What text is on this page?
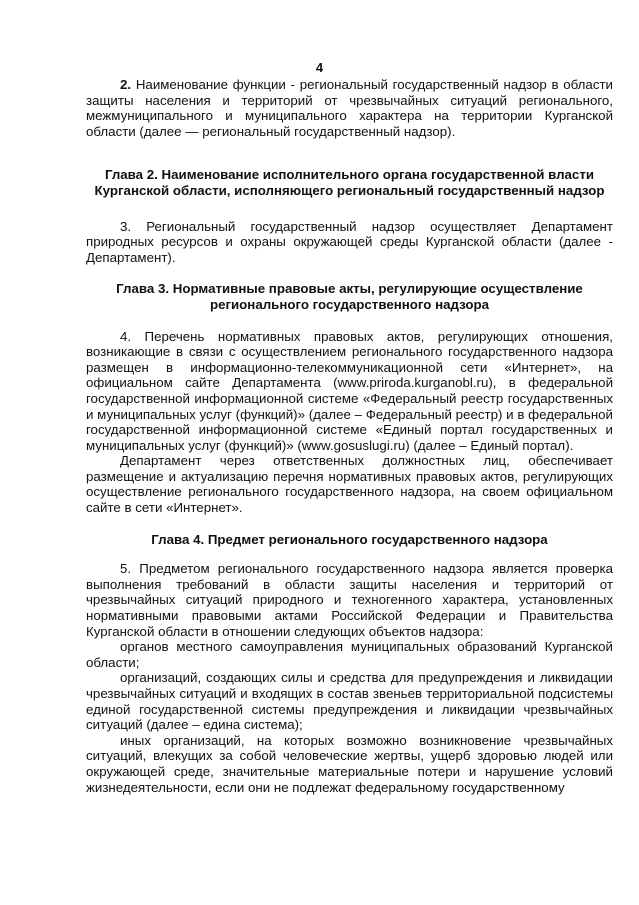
4

2. Наименование функции - региональный государственный надзор в области защиты населения и территорий от чрезвычайных ситуаций регионального, межмуниципального и муниципального характера на территории Курганской области (далее — региональный государственный надзор).

Глава 2. Наименование исполнительного органа государственной власти Курганской области, исполняющего региональный государственный надзор

3. Региональный государственный надзор осуществляет Департамент природных ресурсов и охраны окружающей среды Курганской области (далее - Департамент).

Глава 3. Нормативные правовые акты, регулирующие осуществление регионального государственного надзора

4. Перечень нормативных правовых актов, регулирующих отношения, возникающие в связи с осуществлением регионального государственного надзора размещен в информационно-телекоммуникационной сети «Интернет», на официальном сайте Департамента (www.priroda.kurganobl.ru), в федеральной государственной информационной системе «Федеральный реестр государственных и муниципальных услуг (функций)» (далее – Федеральный реестр) и в федеральной государственной информационной системе «Единый портал государственных и муниципальных услуг (функций)» (www.gosuslugi.ru) (далее – Единый портал).

Департамент через ответственных должностных лиц, обеспечивает размещение и актуализацию перечня нормативных правовых актов, регулирующих осуществление регионального государственного надзора, на своем официальном сайте в сети «Интернет».

Глава 4. Предмет регионального государственного надзора

5. Предметом регионального государственного надзора является проверка выполнения требований в области защиты населения и территорий от чрезвычайных ситуаций природного и техногенного характера, установленных нормативными правовыми актами Российской Федерации и Правительства Курганской области в отношении следующих объектов надзора:

органов местного самоуправления муниципальных образований Курганской области;

организаций, создающих силы и средства для предупреждения и ликвидации чрезвычайных ситуаций и входящих в состав звеньев территориальной подсистемы единой государственной системы предупреждения и ликвидации чрезвычайных ситуаций (далее – едина система);

иных организаций, на которых возможно возникновение чрезвычайных ситуаций, влекущих за собой человеческие жертвы, ущерб здоровью людей или окружающей среде, значительные материальные потери и нарушение условий жизнедеятельности, если они не подлежат федеральному государственному
